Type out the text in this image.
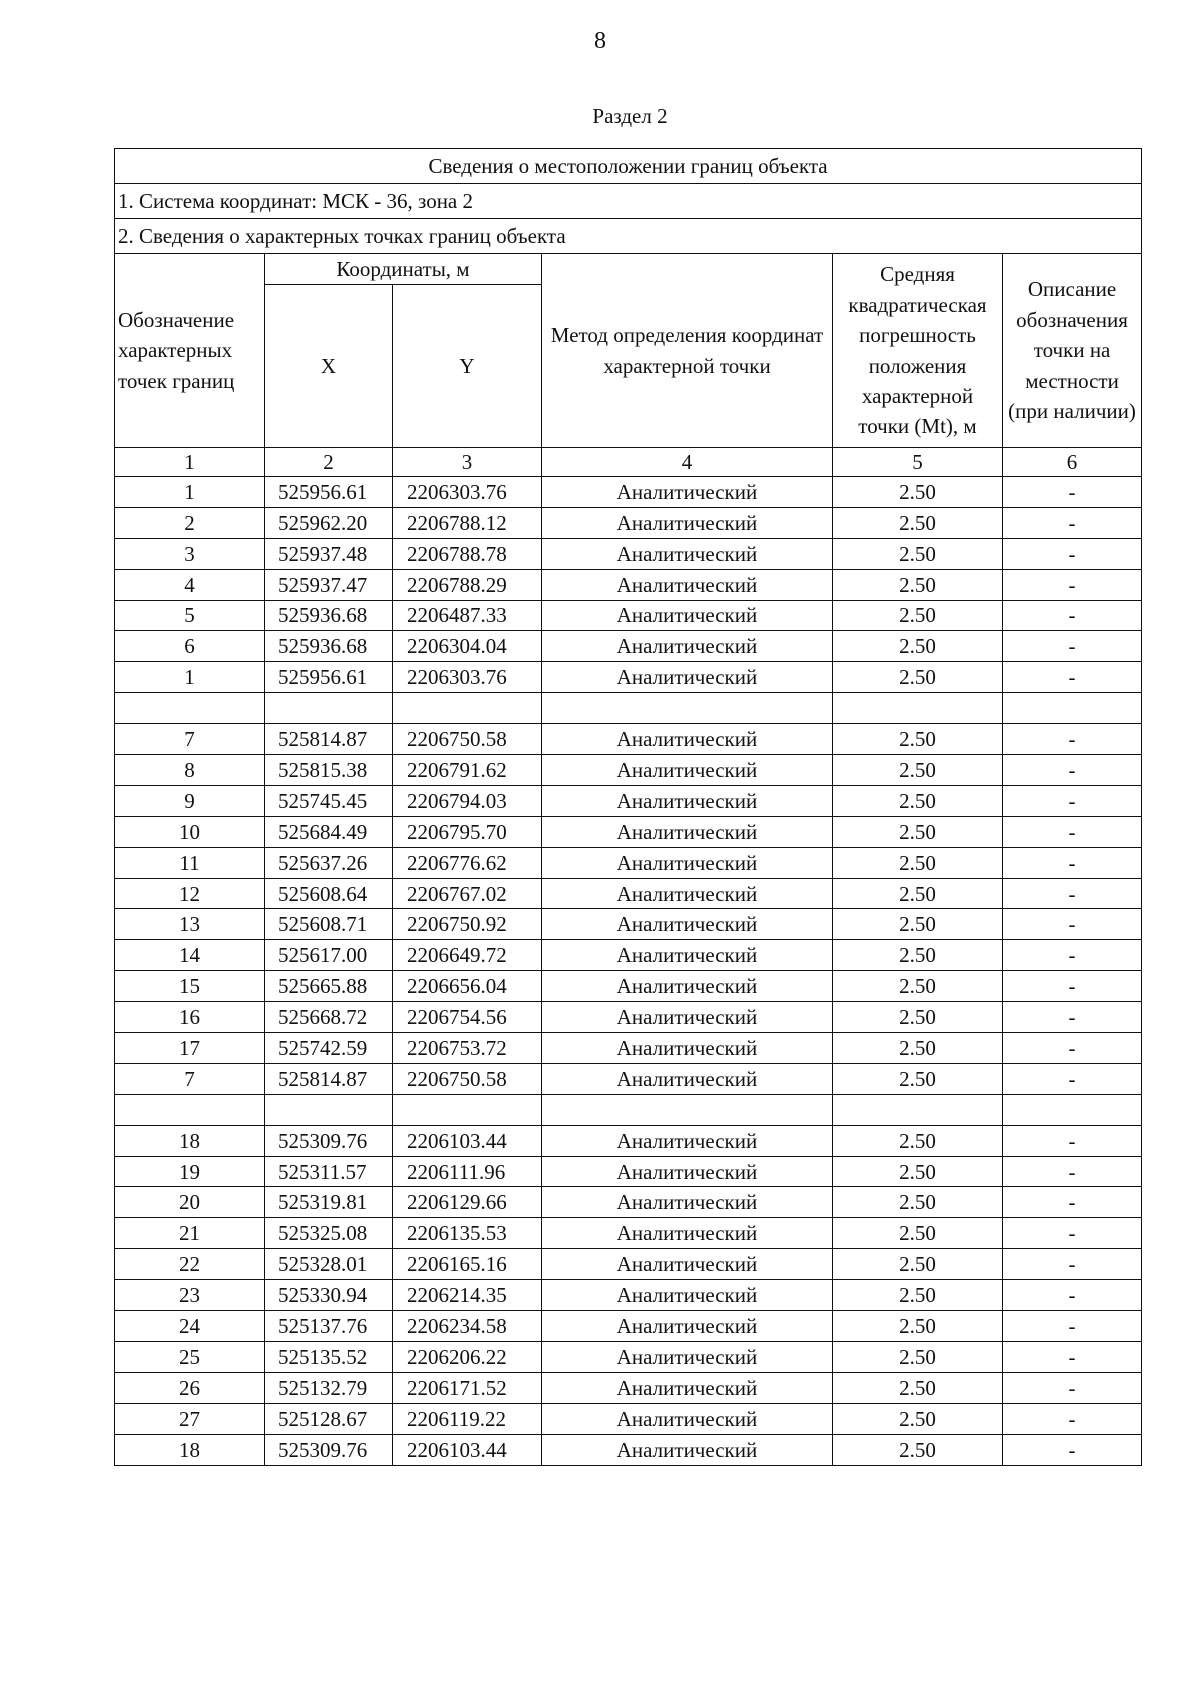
8
Раздел 2
Сведения о местоположении границ объекта					
1. Система координат: МСК - 36, зона 2					
2. Сведения о характерных точках границ объекта					
Обозначение характерных точек границ	Координаты, м		Метод определения координат характерной точки	Средняя квадратическая погрешность положения характерной точки (Mt), м	Описание обозначения точки на местности (при наличии)
	X	Y			
1	2	3	4	5	6
1	525956.61	2206303.76	Аналитический	2.50	-
2	525962.20	2206788.12	Аналитический	2.50	-
3	525937.48	2206788.78	Аналитический	2.50	-
4	525937.47	2206788.29	Аналитический	2.50	-
5	525936.68	2206487.33	Аналитический	2.50	-
6	525936.68	2206304.04	Аналитический	2.50	-
1	525956.61	2206303.76	Аналитический	2.50	-

7	525814.87	2206750.58	Аналитический	2.50	-
8	525815.38	2206791.62	Аналитический	2.50	-
9	525745.45	2206794.03	Аналитический	2.50	-
10	525684.49	2206795.70	Аналитический	2.50	-
11	525637.26	2206776.62	Аналитический	2.50	-
12	525608.64	2206767.02	Аналитический	2.50	-
13	525608.71	2206750.92	Аналитический	2.50	-
14	525617.00	2206649.72	Аналитический	2.50	-
15	525665.88	2206656.04	Аналитический	2.50	-
16	525668.72	2206754.56	Аналитический	2.50	-
17	525742.59	2206753.72	Аналитический	2.50	-
7	525814.87	2206750.58	Аналитический	2.50	-

18	525309.76	2206103.44	Аналитический	2.50	-
19	525311.57	2206111.96	Аналитический	2.50	-
20	525319.81	2206129.66	Аналитический	2.50	-
21	525325.08	2206135.53	Аналитический	2.50	-
22	525328.01	2206165.16	Аналитический	2.50	-
23	525330.94	2206214.35	Аналитический	2.50	-
24	525137.76	2206234.58	Аналитический	2.50	-
25	525135.52	2206206.22	Аналитический	2.50	-
26	525132.79	2206171.52	Аналитический	2.50	-
27	525128.67	2206119.22	Аналитический	2.50	-
18	525309.76	2206103.44	Аналитический	2.50	-
